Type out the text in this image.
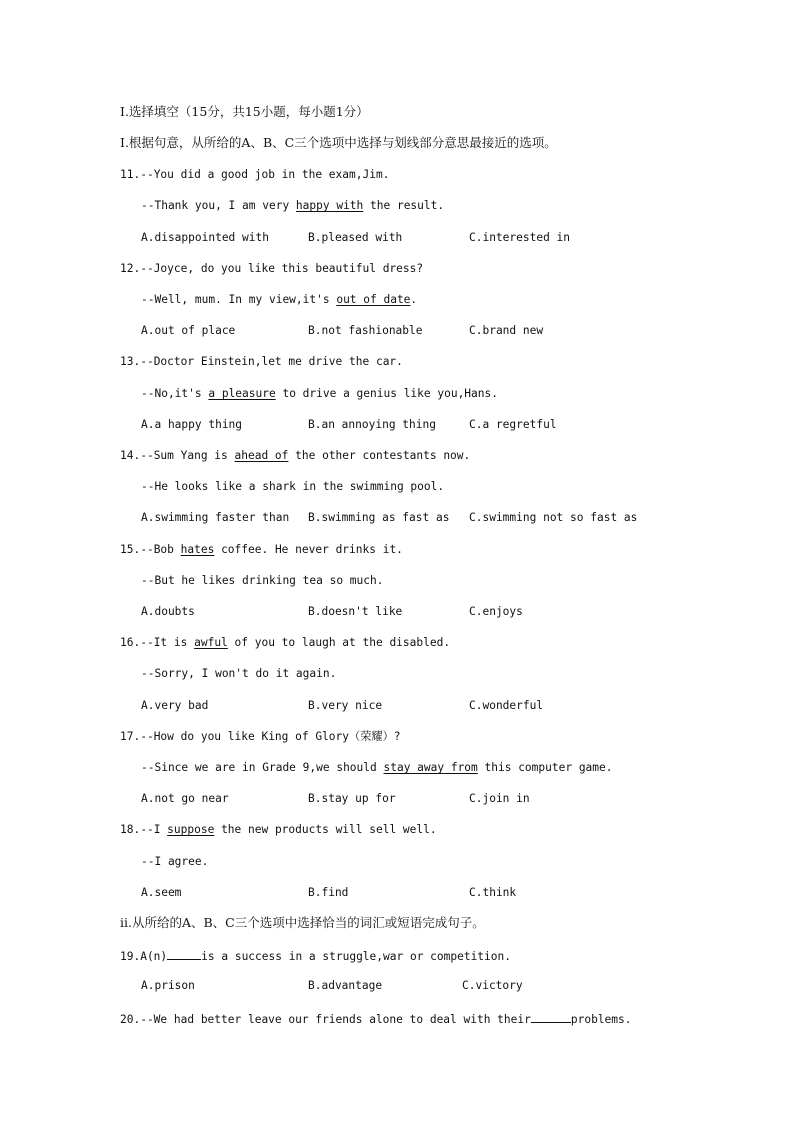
Ⅰ.选择填空（15分，共15小题，每小题1分）
I.根据句意，从所给的A、B、C三个选项中选择与划线部分意思最接近的选项。
11.--You did a good job in the exam,Jim.
--Thank you, I am very happy with the result.
A.disappointed with	B.pleased with	C.interested in
12.--Joyce, do you like this beautiful dress?
--Well, mum. In my view,it's out of date.
A.out of place	B.not fashionable	C.brand new
13.--Doctor Einstein,let me drive the car.
--No,it's a pleasure to drive a genius like you,Hans.
A.a happy thing	B.an annoying thing	C.a regretful
14.--Sum Yang is ahead of the other contestants now.
--He looks like a shark in the swimming pool.
A.swimming faster than B.swimming as fast as C.swimming not so fast as
15.--Bob hates coffee. He never drinks it.
--But he likes drinking tea so much.
A.doubts	B.doesn't like	C.enjoys
16.--It is awful of you to laugh at the disabled.
--Sorry, I won't do it again.
A.very bad	B.very nice	C.wonderful
17.--How do you like King of Glory（荣耀）?
--Since we are in Grade 9,we should stay away from this computer game.
A.not go near	B.stay up for	C.join in
18.--I suppose the new products will sell well.
--I agree.
A.seem	B.find	C.think
ii.从所给的A、B、C三个选项中选择恰当的词汇或短语完成句子。
19.A(n)	is a success in a struggle,war or competition.
A.prison	B.advantage	C.victory
20.--We had better leave our friends alone to deal with their	problems.
